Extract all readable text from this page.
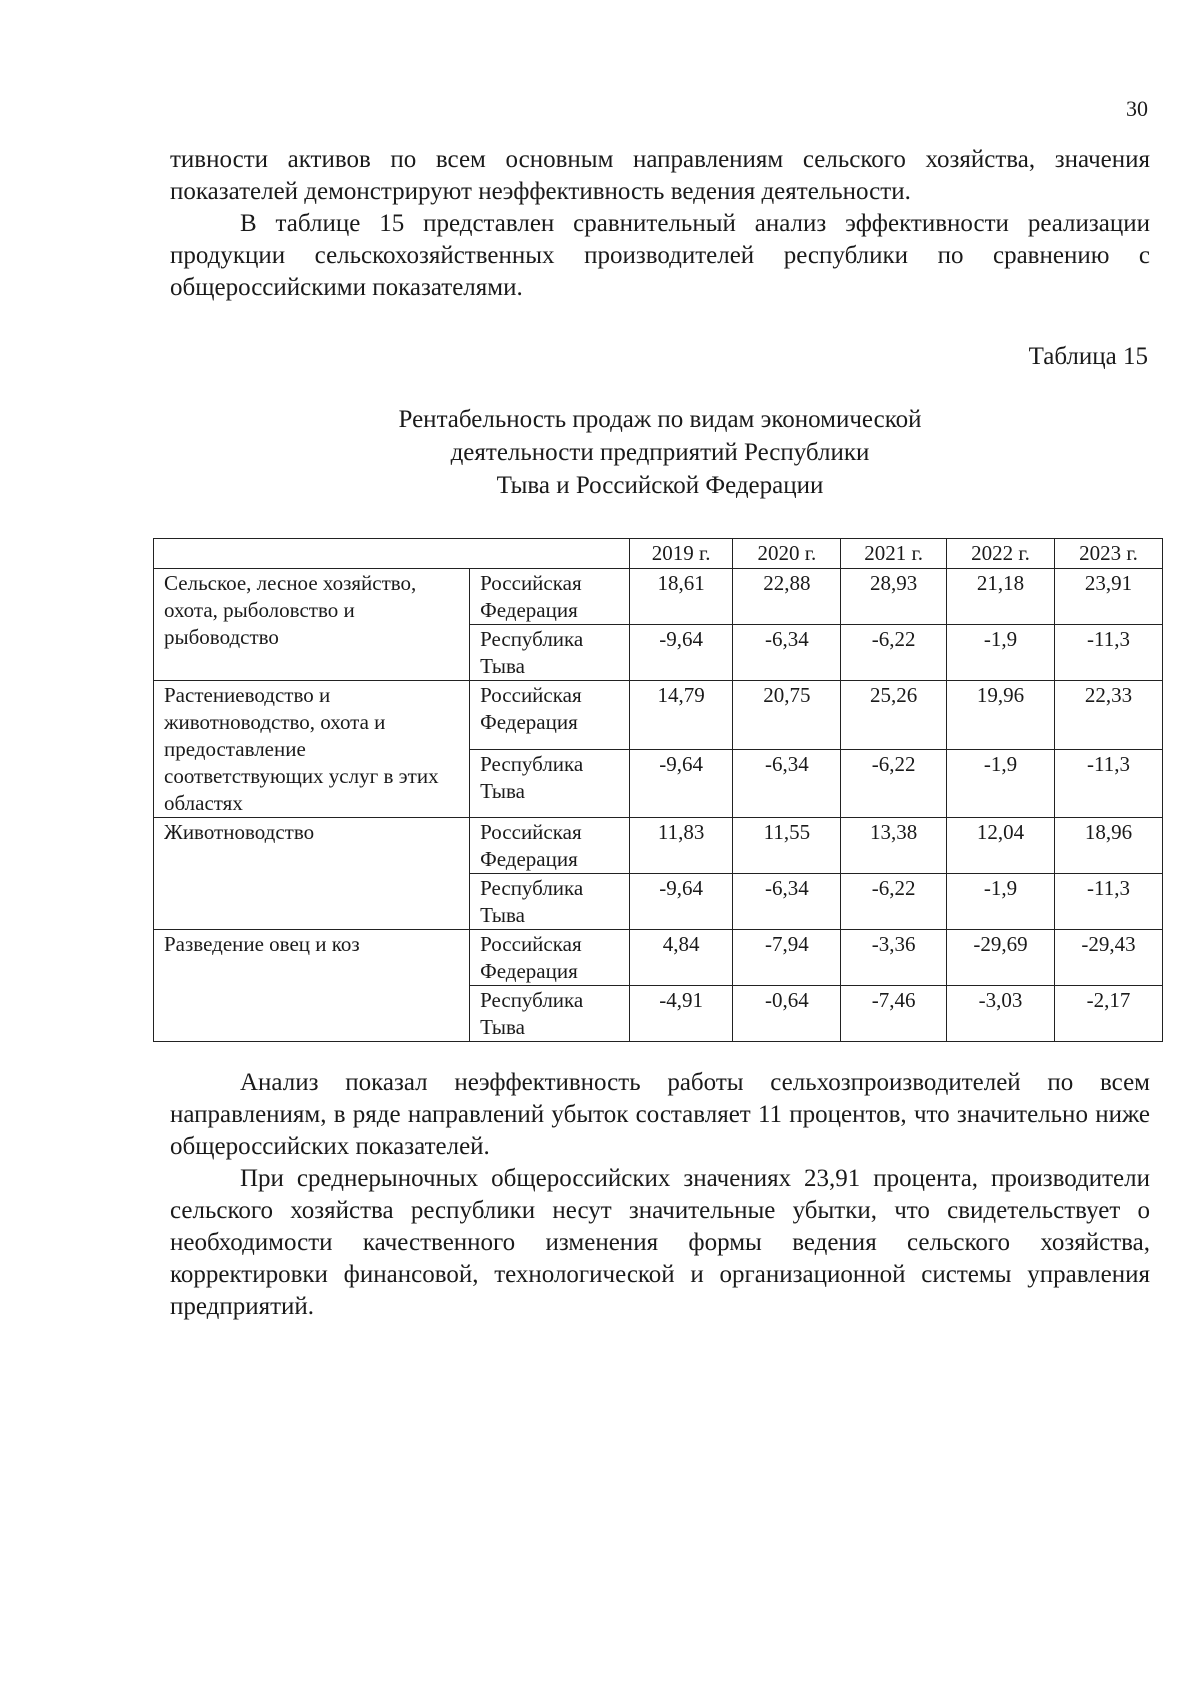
30

тивности активов по всем основным направлениям сельского хозяйства, значения показателей демонстрируют неэффективность ведения деятельности.

В таблице 15 представлен сравнительный анализ эффективности реализации продукции сельскохозяйственных производителей республики по сравнению с общероссийскими показателями.

Таблица 15
Рентабельность продаж по видам экономической
деятельности предприятий Республики
Тыва и Российской Федерации
		2019 г.	2020 г.	2021 г.	2022 г.	2023 г.
Сельское, лесное хозяйство, охота, рыболовство и рыбоводство	Российская Федерация	18,61	22,88	28,93	21,18	23,91
	Республика Тыва	-9,64	-6,34	-6,22	-1,9	-11,3
Растениеводство и животноводство, охота и предоставление соответствующих услуг в этих областях	Российская Федерация	14,79	20,75	25,26	19,96	22,33
	Республика Тыва	-9,64	-6,34	-6,22	-1,9	-11,3
Животноводство	Российская Федерация	11,83	11,55	13,38	12,04	18,96
	Республика Тыва	-9,64	-6,34	-6,22	-1,9	-11,3
Разведение овец и коз	Российская Федерация	4,84	-7,94	-3,36	-29,69	-29,43
	Республика Тыва	-4,91	-0,64	-7,46	-3,03	-2,17

Анализ показал неэффективность работы сельхозпроизводителей по всем направлениям, в ряде направлений убыток составляет 11 процентов, что значительно ниже общероссийских показателей.

При среднерыночных общероссийских значениях 23,91 процента, производители сельского хозяйства республики несут значительные убытки, что свидетельствует о необходимости качественного изменения формы ведения сельского хозяйства, корректировки финансовой, технологической и организационной системы управления предприятий.
